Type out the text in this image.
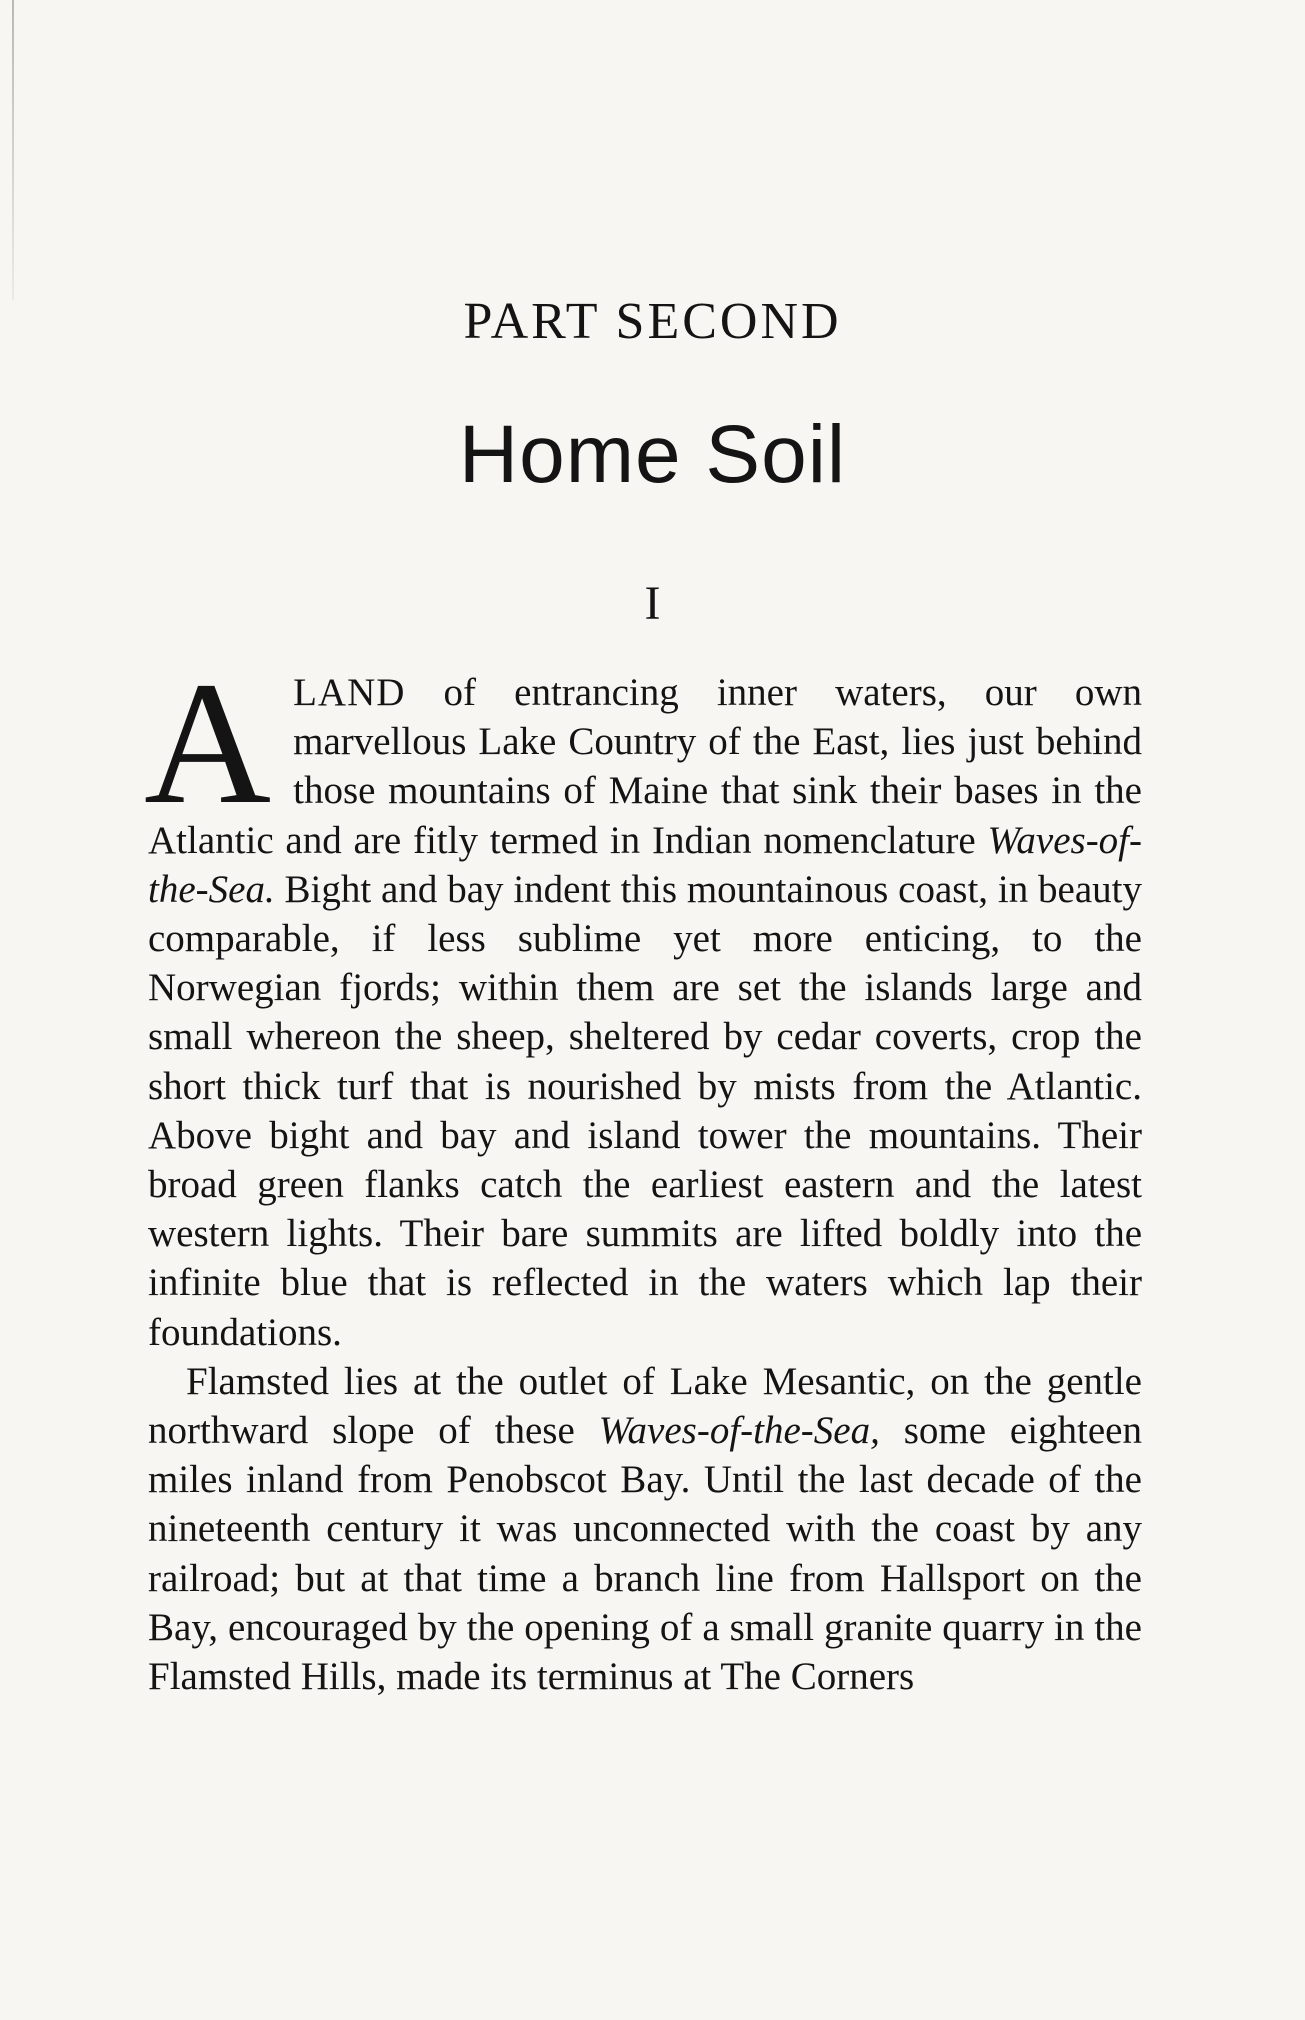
PART SECOND
Home Soil
I

ALAND of entrancing inner waters, our own marvellous Lake Country of the East, lies just behind those mountains of Maine that sink their bases in the Atlantic and are fitly termed in Indian nomenclature Waves-of-the-Sea. Bight and bay indent this mountainous coast, in beauty comparable, if less sublime yet more enticing, to the Norwegian fjords; within them are set the islands large and small whereon the sheep, sheltered by cedar coverts, crop the short thick turf that is nourished by mists from the Atlantic. Above bight and bay and island tower the mountains. Their broad green flanks catch the earliest eastern and the latest western lights. Their bare summits are lifted boldly into the infinite blue that is reflected in the waters which lap their foundations.

Flamsted lies at the outlet of Lake Mesantic, on the gentle northward slope of these Waves-of-the-Sea, some eighteen miles inland from Penobscot Bay. Until the last decade of the nineteenth century it was unconnected with the coast by any railroad; but at that time a branch line from Hallsport on the Bay, encouraged by the opening of a small granite quarry in the Flamsted Hills, made its terminus at The Corners
